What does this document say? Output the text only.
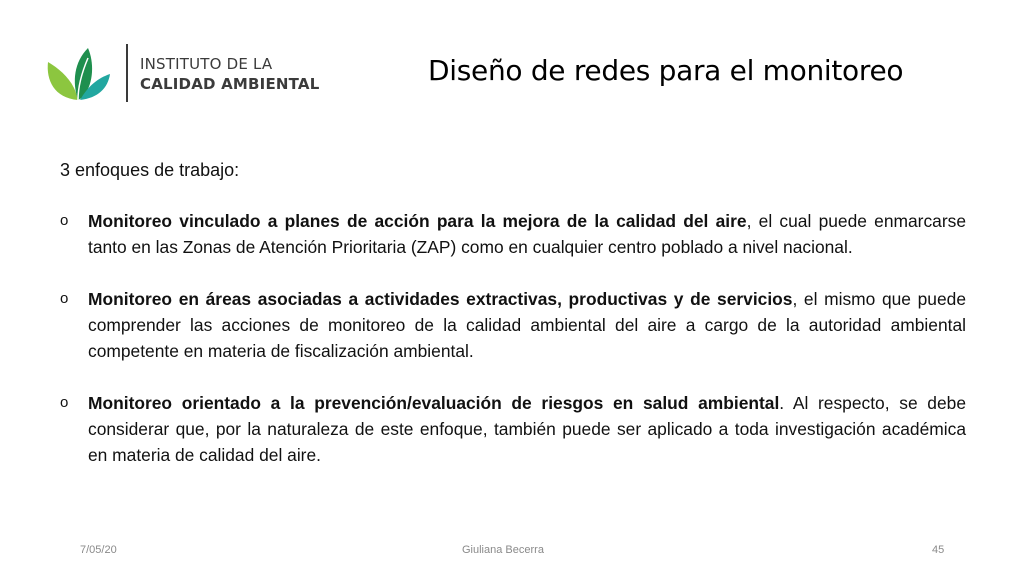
INSTITUTO DE LA
CALIDAD AMBIENTAL	Diseño de redes para el monitoreo
3 enfoques de trabajo:
o Monitoreo vinculado a planes de acción para la mejora de la calidad del aire, el cual puede enmarcarse tanto en las Zonas de Atención Prioritaria (ZAP) como en cualquier centro poblado a nivel nacional.
o Monitoreo en áreas asociadas a actividades extractivas, productivas y de servicios, el mismo que puede comprender las acciones de monitoreo de la calidad ambiental del aire a cargo de la autoridad ambiental competente en materia de fiscalización ambiental.
o Monitoreo orientado a la prevención/evaluación de riesgos en salud ambiental. Al respecto, se debe considerar que, por la naturaleza de este enfoque, también puede ser aplicado a toda investigación académica en materia de calidad del aire.
7/05/20	Giuliana Becerra	45
